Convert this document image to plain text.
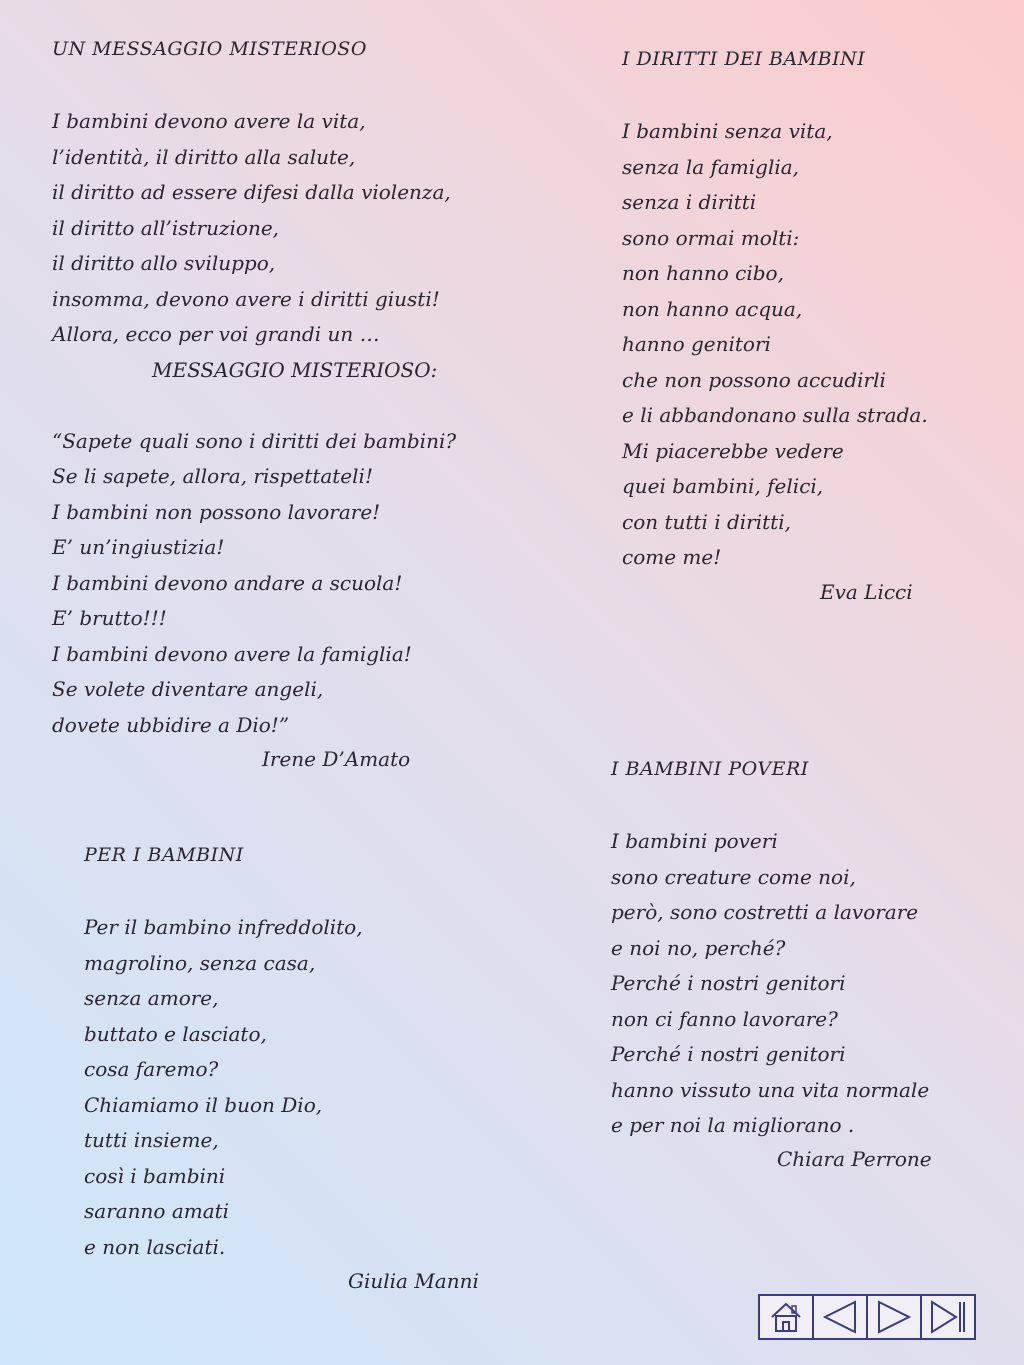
UN MESSAGGIO MISTERIOSO
I bambini devono avere la vita,
l’identità, il diritto alla salute,
il diritto ad essere difesi dalla violenza,
il diritto all’istruzione,
il diritto allo sviluppo,
insomma, devono avere i diritti giusti!
Allora, ecco per voi grandi un …
MESSAGGIO MISTERIOSO:
“Sapete quali sono i diritti dei bambini?
Se li sapete, allora, rispettateli!
I bambini non possono lavorare!
E’ un’ingiustizia!
I bambini devono andare a scuola!
E’ brutto!!!
I bambini devono avere la famiglia!
Se volete diventare angeli,
dovete ubbidire a Dio!”
Irene D’Amato
I DIRITTI DEI BAMBINI
I bambini senza vita,
senza la famiglia,
senza i diritti
sono ormai molti:
non hanno cibo,
non hanno acqua,
hanno genitori
che non possono accudirli
e li abbandonano sulla strada.
Mi piacerebbe vedere
quei bambini, felici,
con tutti i diritti,
come me!
Eva Licci
PER I BAMBINI
Per il bambino infreddolito,
magrolino, senza casa,
senza amore,
buttato e lasciato,
cosa faremo?
Chiamiamo il buon Dio,
tutti insieme,
così i bambini
saranno amati
e non lasciati.
Giulia Manni
I BAMBINI POVERI
I bambini poveri
sono creature come noi,
però, sono costretti a lavorare
e noi no, perché?
Perché i nostri genitori
non ci fanno lavorare?
Perché i nostri genitori
hanno vissuto una vita normale
e per noi la migliorano .
Chiara Perrone
